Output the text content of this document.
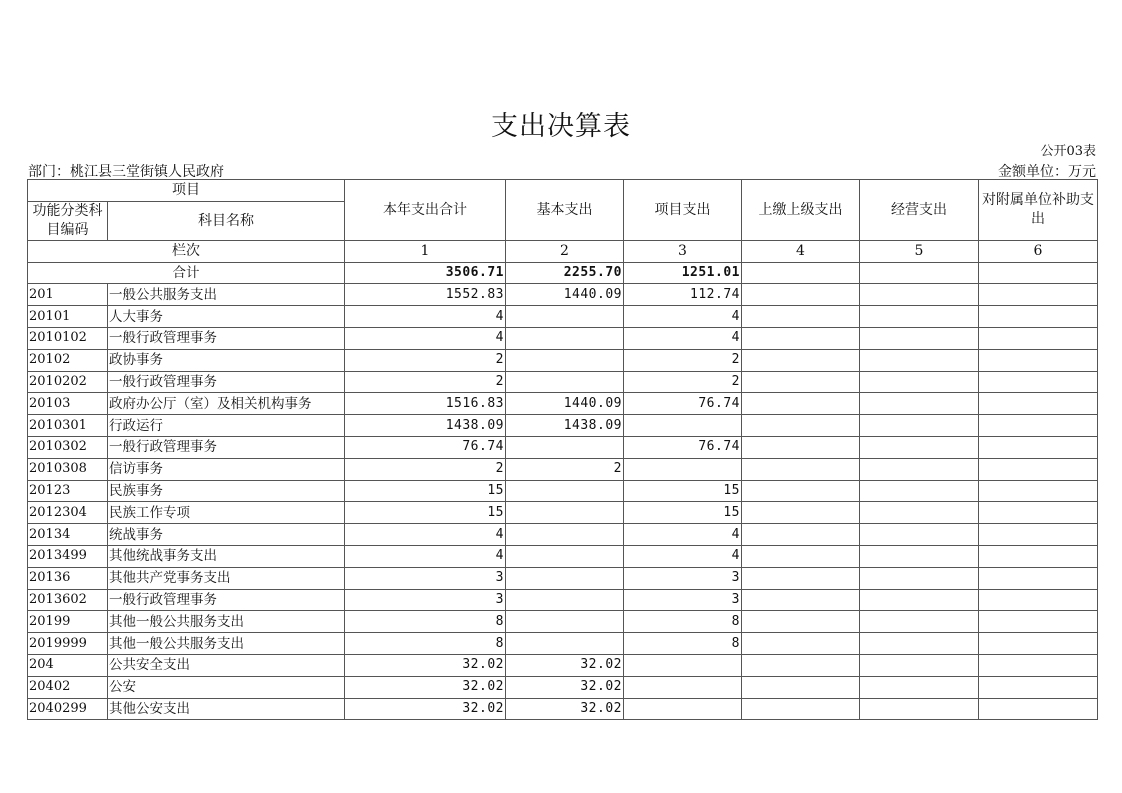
支出决算表
公开03表
部门：桃江县三堂街镇人民政府	金额单位：万元
项目		本年支出合计	基本支出	项目支出	上缴上级支出	经营支出	对附属单位补助支出
功能分类科目编码	科目名称						
栏次		1	2	3	4	5	6
合计		3506.71	2255.70	1251.01			
201	一般公共服务支出	1552.83	1440.09	112.74			
20101	人大事务	4		4			
2010102	一般行政管理事务	4		4			
20102	政协事务	2		2			
2010202	一般行政管理事务	2		2			
20103	政府办公厅（室）及相关机构事务	1516.83	1440.09	76.74			
2010301	行政运行	1438.09	1438.09				
2010302	一般行政管理事务	76.74		76.74			
2010308	信访事务	2	2				
20123	民族事务	15		15			
2012304	民族工作专项	15		15			
20134	统战事务	4		4			
2013499	其他统战事务支出	4		4			
20136	其他共产党事务支出	3		3			
2013602	一般行政管理事务	3		3			
20199	其他一般公共服务支出	8		8			
2019999	其他一般公共服务支出	8		8			
204	公共安全支出	32.02	32.02				
20402	公安	32.02	32.02				
2040299	其他公安支出	32.02	32.02				
